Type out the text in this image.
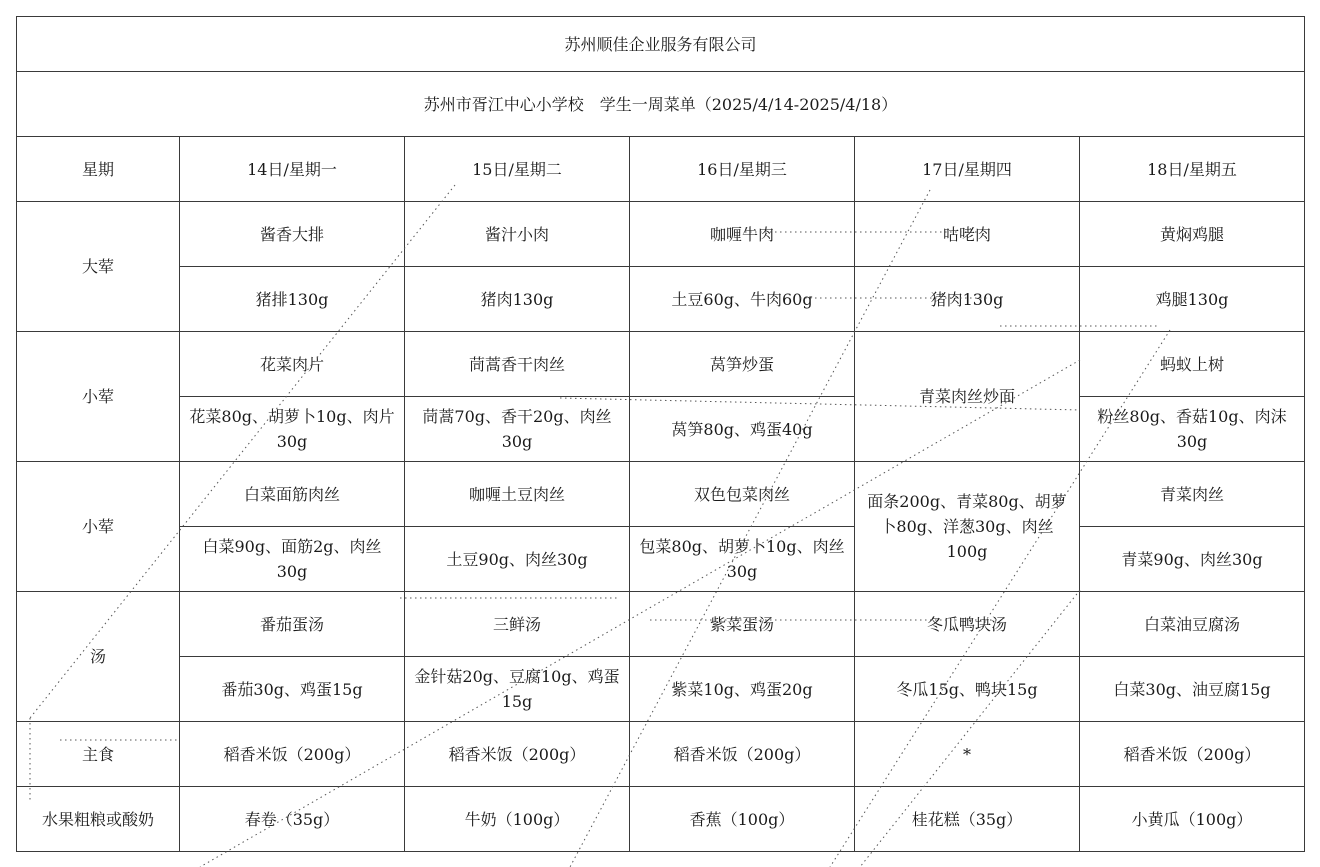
苏州顺佳企业服务有限公司					
苏州市胥江中心小学校　学生一周菜单（2025/4/14-2025/4/18）					
星期	14日/星期一	15日/星期二	16日/星期三	17日/星期四	18日/星期五
大荤	酱香大排	酱汁小肉	咖喱牛肉	咕咾肉	黄焖鸡腿
	猪排130g	猪肉130g	土豆60g、牛肉60g	猪肉130g	鸡腿130g
小荤	花菜肉片	茼蒿香干肉丝	莴笋炒蛋	青菜肉丝炒面	蚂蚁上树
	花菜80g、胡萝卜10g、肉片30g	茼蒿70g、香干20g、肉丝30g	莴笋80g、鸡蛋40g		粉丝80g、香菇10g、肉沫30g
小荤	白菜面筋肉丝	咖喱土豆肉丝	双色包菜肉丝	面条200g、青菜80g、胡萝卜80g、洋葱30g、肉丝100g	青菜肉丝
	白菜90g、面筋2g、肉丝30g	土豆90g、肉丝30g	包菜80g、胡萝卜10g、肉丝30g		青菜90g、肉丝30g
汤	番茄蛋汤	三鲜汤	紫菜蛋汤	冬瓜鸭块汤	白菜油豆腐汤
	番茄30g、鸡蛋15g	金针菇20g、豆腐10g、鸡蛋15g	紫菜10g、鸡蛋20g	冬瓜15g、鸭块15g	白菜30g、油豆腐15g
主食	稻香米饭（200g）	稻香米饭（200g）	稻香米饭（200g）	*	稻香米饭（200g）
水果粗粮或酸奶	春卷（35g）	牛奶（100g）	香蕉（100g）	桂花糕（35g）	小黄瓜（100g）
